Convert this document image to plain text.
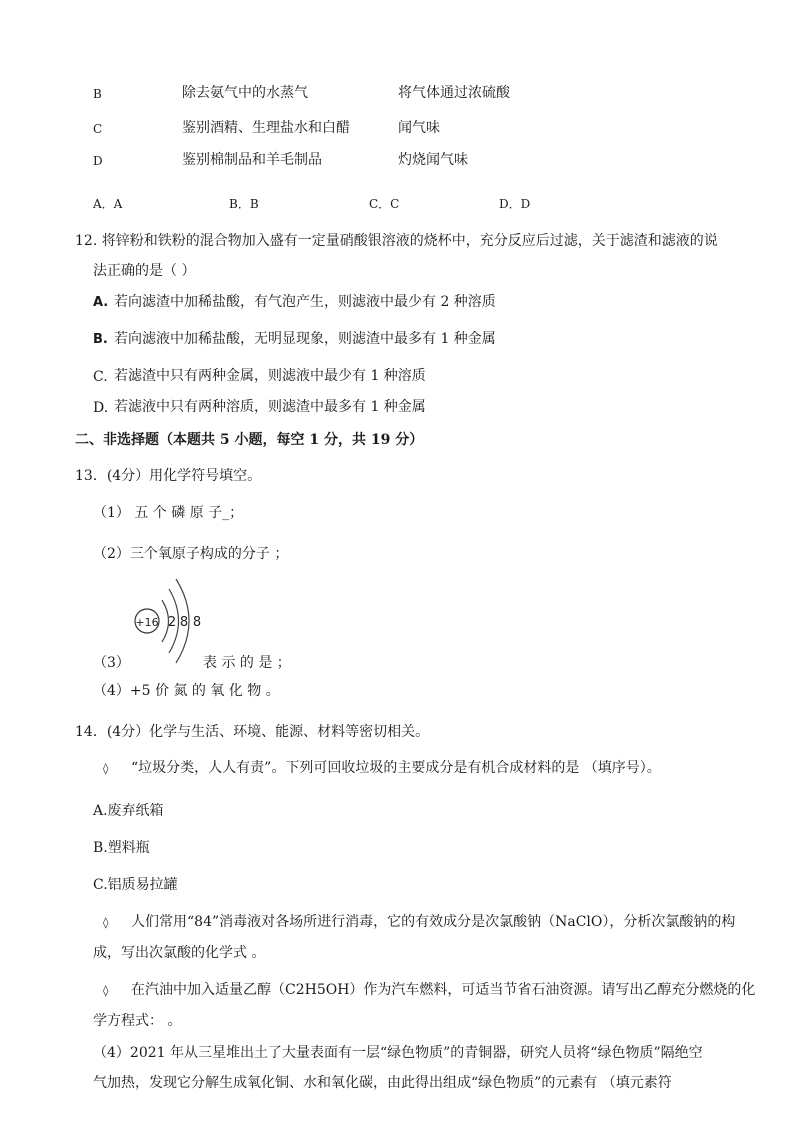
B	除去氨气中的水蒸气	将气体通过浓硫酸
C	鉴别酒精、生理盐水和白醋	闻气味
D	鉴别棉制品和羊毛制品	灼烧闻气味
A．A	B．B	C．C	D．D
12. 将锌粉和铁粉的混合物加入盛有一定量硝酸银溶液的烧杯中，充分反应后过滤，关于滤渣和滤液的说
法正确的是（ ）
A. 若向滤渣中加稀盐酸，有气泡产生，则滤液中最少有 2 种溶质
B. 若向滤液中加稀盐酸，无明显现象，则滤渣中最多有 1 种金属
C. 若滤渣中只有两种金属，则滤液中最少有 1 种溶质
D. 若滤液中只有两种溶质，则滤渣中最多有 1 种金属
二、非选择题（本题共 5 小题，每空 1 分，共 19 分）
13．(4分）用化学符号填空。
（1） 五 个 磷 原 子_；
（2）三个氧原子构成的分子 ；
+16 2 8 8
（3）	表 示 的 是 ；
（4）+5 价 氮 的 氧 化 物 。
14．(4分）化学与生活、环境、能源、材料等密切相关。
◊ “垃圾分类，人人有责”。下列可回收垃圾的主要成分是有机合成材料的是 （填序号）。
A.废弃纸箱
B.塑料瓶
C.铝质易拉罐
◊ 人们常用“84”消毒液对各场所进行消毒，它的有效成分是次氯酸钠（NaClO），分析次氯酸钠的构
成，写出次氯酸的化学式 。
◊ 在汽油中加入适量乙醇（C2H5OH）作为汽车燃料，可适当节省石油资源。请写出乙醇充分燃烧的化
学方程式： 。
（4）2021 年从三星堆出土了大量表面有一层“绿色物质”的青铜器，研究人员将“绿色物质”隔绝空
气加热，发现它分解生成氧化铜、水和氧化碳，由此得出组成“绿色物质”的元素有 （填元素符
